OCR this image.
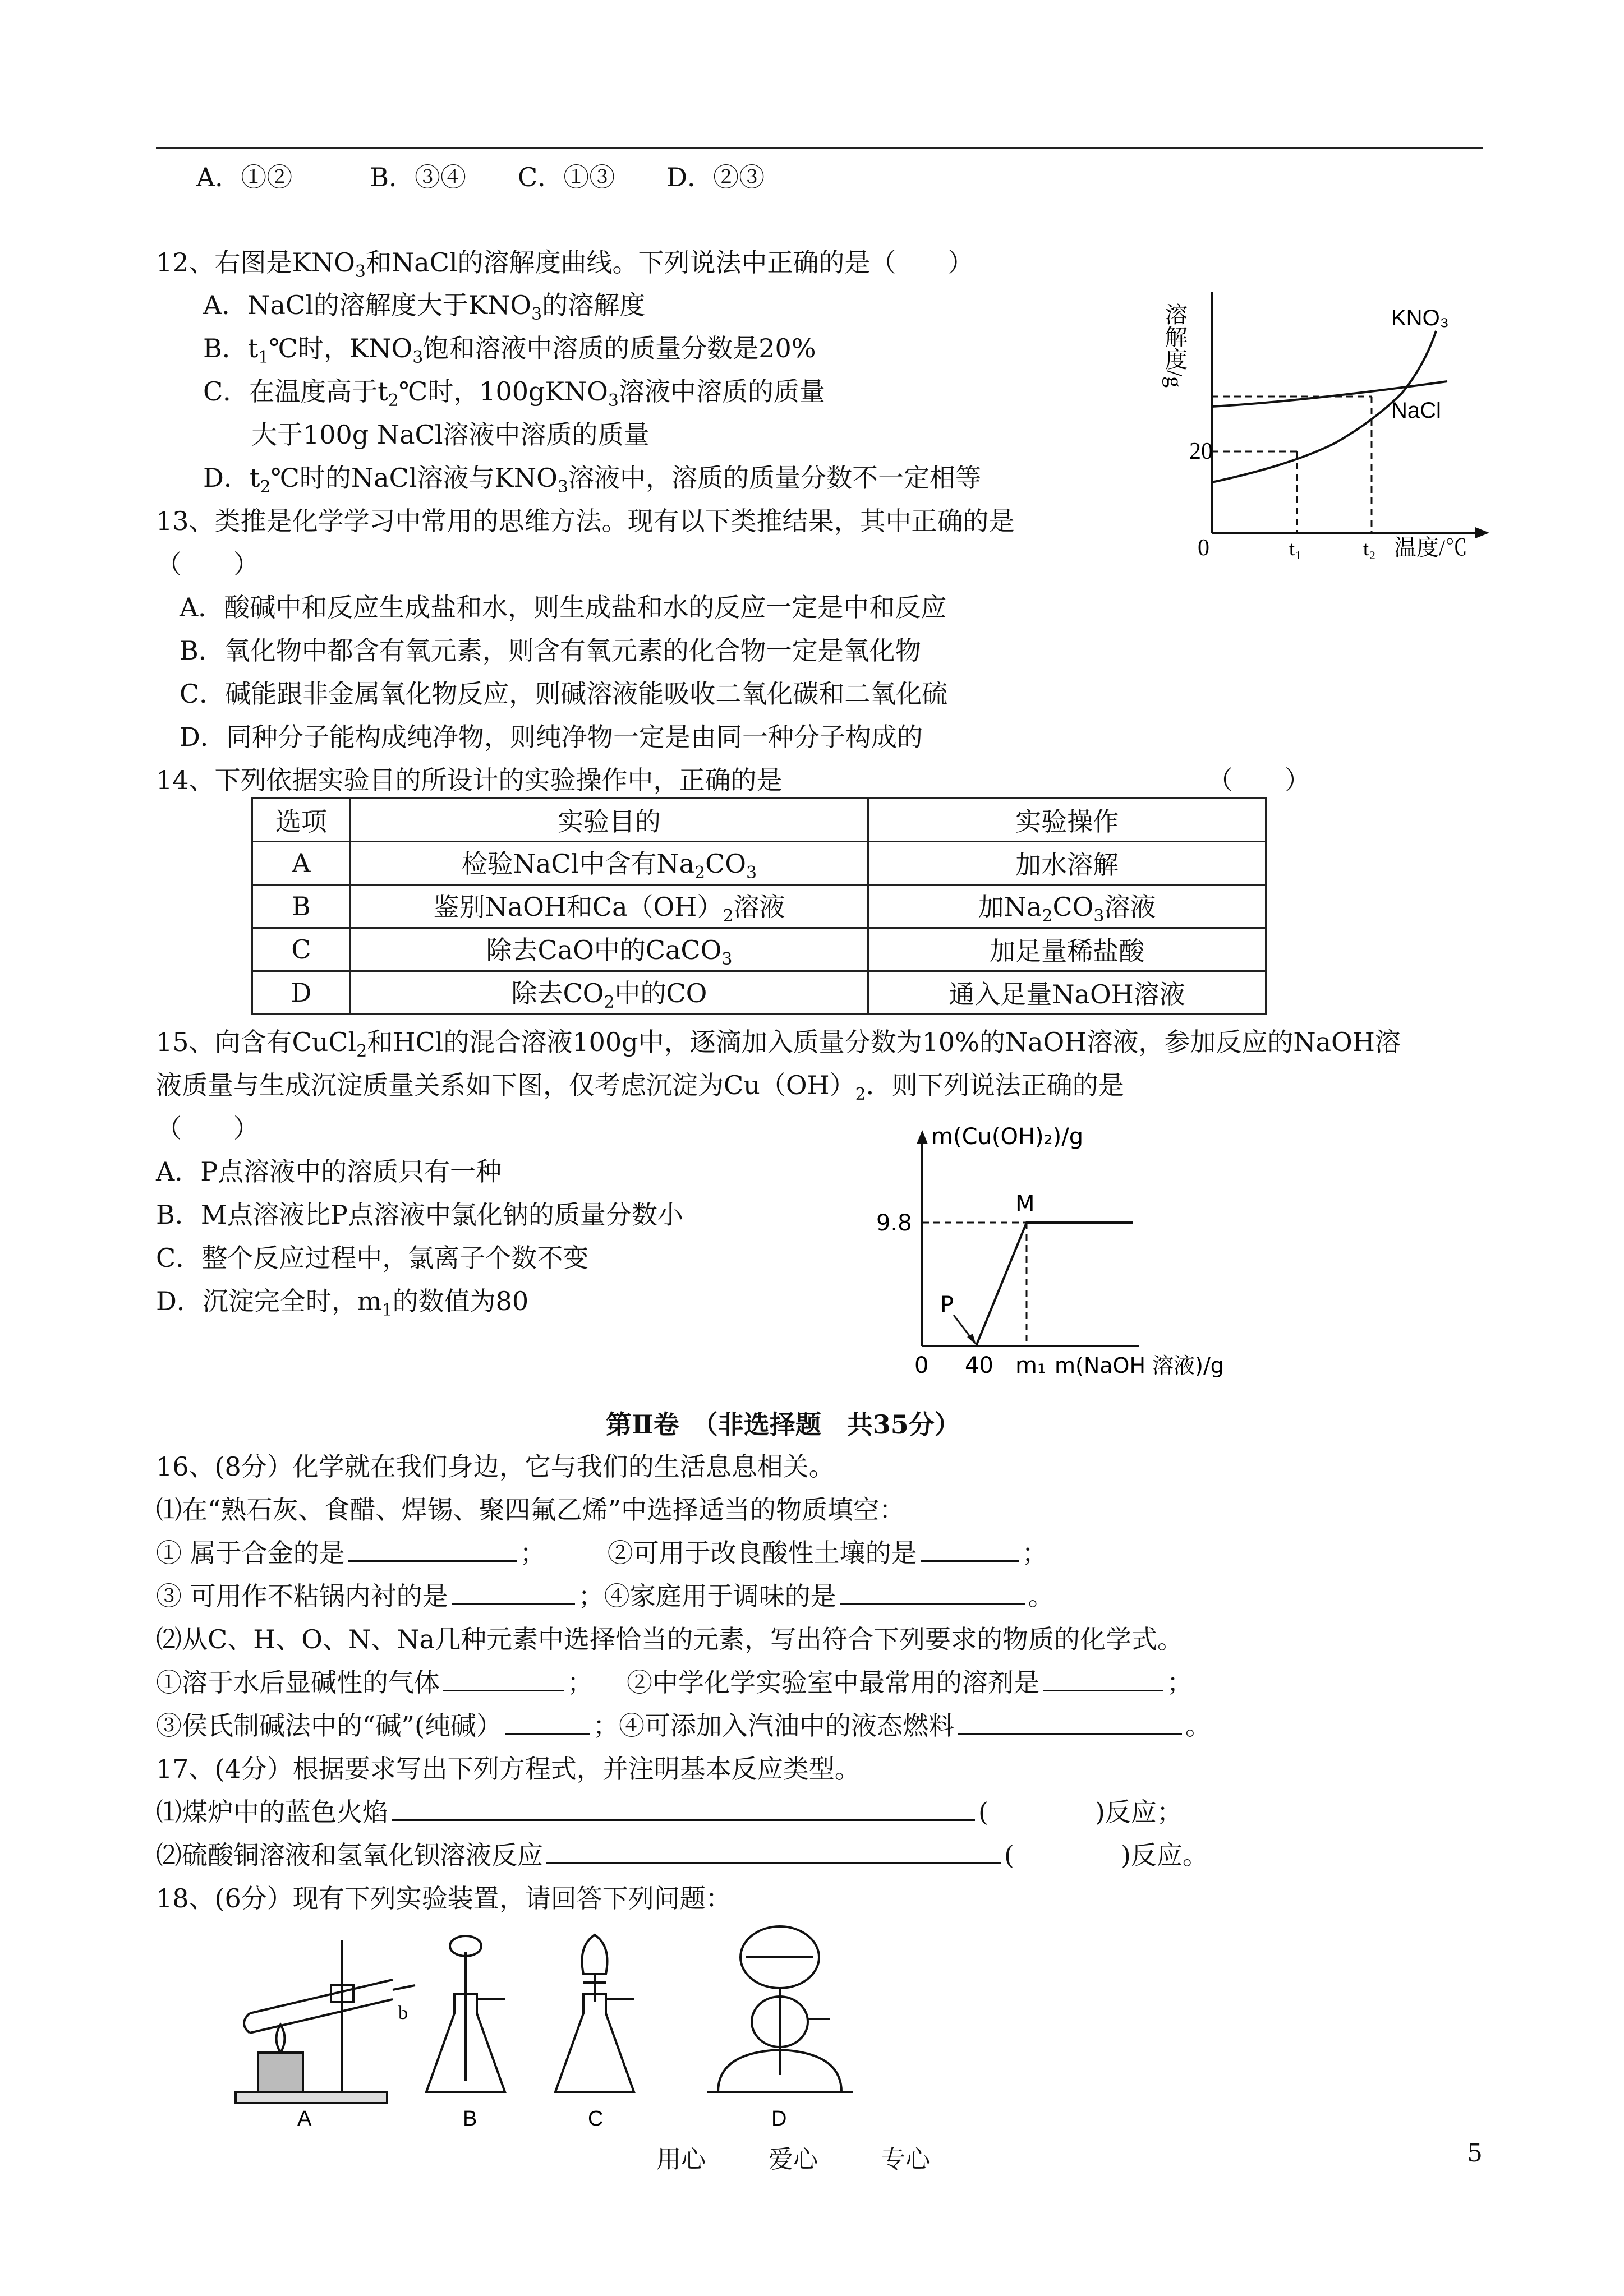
A．①②　　　B．③④　　C．①③　　D．②③
12、右图是$KNO_3$和NaCl的溶解度曲线。下列说法中正确的是（　　）
A．NaCl的溶解度大于$KNO_3$的溶解度
B．$t_1℃$时，$KNO_3$饱和溶液中溶质的质量分数是20%
C．在温度高于$t_2℃$时，100gKNO$_3$溶液中溶质的质量
大于100g NaCl溶液中溶质的质量
D．$t_2℃$时的NaCl溶液与$KNO_3$溶液中，溶质的质量分数不一定相等
溶解度/g
20
0	t₁	t₂ 温度/℃
KNO₃
NaCl
13、类推是化学学习中常用的思维方法。现有以下类推结果，其中正确的是
（　　）
A．酸碱中和反应生成盐和水，则生成盐和水的反应一定是中和反应
B．氧化物中都含有氧元素，则含有氧元素的化合物一定是氧化物
C．碱能跟非金属氧化物反应，则碱溶液能吸收二氧化碳和二氧化硫
D．同种分子能构成纯净物，则纯净物一定是由同一种分子构成的
14、下列依据实验目的所设计的实验操作中，正确的是	（　　）
选项	实验目的	实验操作
A	检验NaCl中含有$Na_2CO_3$	加水溶解
B	鉴别NaOH和$Ca(OH)_2$溶液	加$Na_2CO_3$溶液
C	除去CaO中的CaCO$_3$	加足量稀盐酸
D	除去$CO_2$中的CO	通入足量NaOH溶液
15、向含有CuCl$_2$和HCl的混合溶液100g中，逐滴加入质量分数为10%的NaOH溶液，参加反应的NaOH溶
液质量与生成沉淀质量关系如下图，仅考虑沉淀为$Cu(OH)_2$．则下列说法正确的是
（　　）
A．P点溶液中的溶质只有一种
B．M点溶液比P点溶液中氯化钠的质量分数小
C．整个反应过程中，氯离子个数不变
D．沉淀完全时，$m_1$的数值为80
m(Cu(OH)₂)/g
9.8
M
P
0 40 m₁ m(NaOH 溶液)/g
第Ⅱ卷　（非选择题　共35分）
16、(8分）化学就在我们身边，它与我们的生活息息相关。
⑴在“熟石灰、食醋、焊锡、聚四氟乙烯”中选择适当的物质填空：
① 属于合金的是	； ②可用于改良酸性土壤的是	；
③ 可用作不粘锅内衬的是	；④家庭用于调味的是	。
⑵从C、H、O、N、Na几种元素中选择恰当的元素，写出符合下列要求的物质的化学式。
①溶于水后显碱性的气体	； ②中学化学实验室中最常用的溶剂是	；
③侯氏制碱法中的“碱”(纯碱）	；④可添加入汽油中的液态燃料	。
17、(4分）根据要求写出下列方程式，并注明基本反应类型。
⑴煤炉中的蓝色火焰	(	)反应；
⑵硫酸铜溶液和氢氧化钡溶液反应	(	)反应。
18、(6分）现有下列实验装置，请回答下列问题：
b
A	B	C	D
用心	爱心	专心	5
